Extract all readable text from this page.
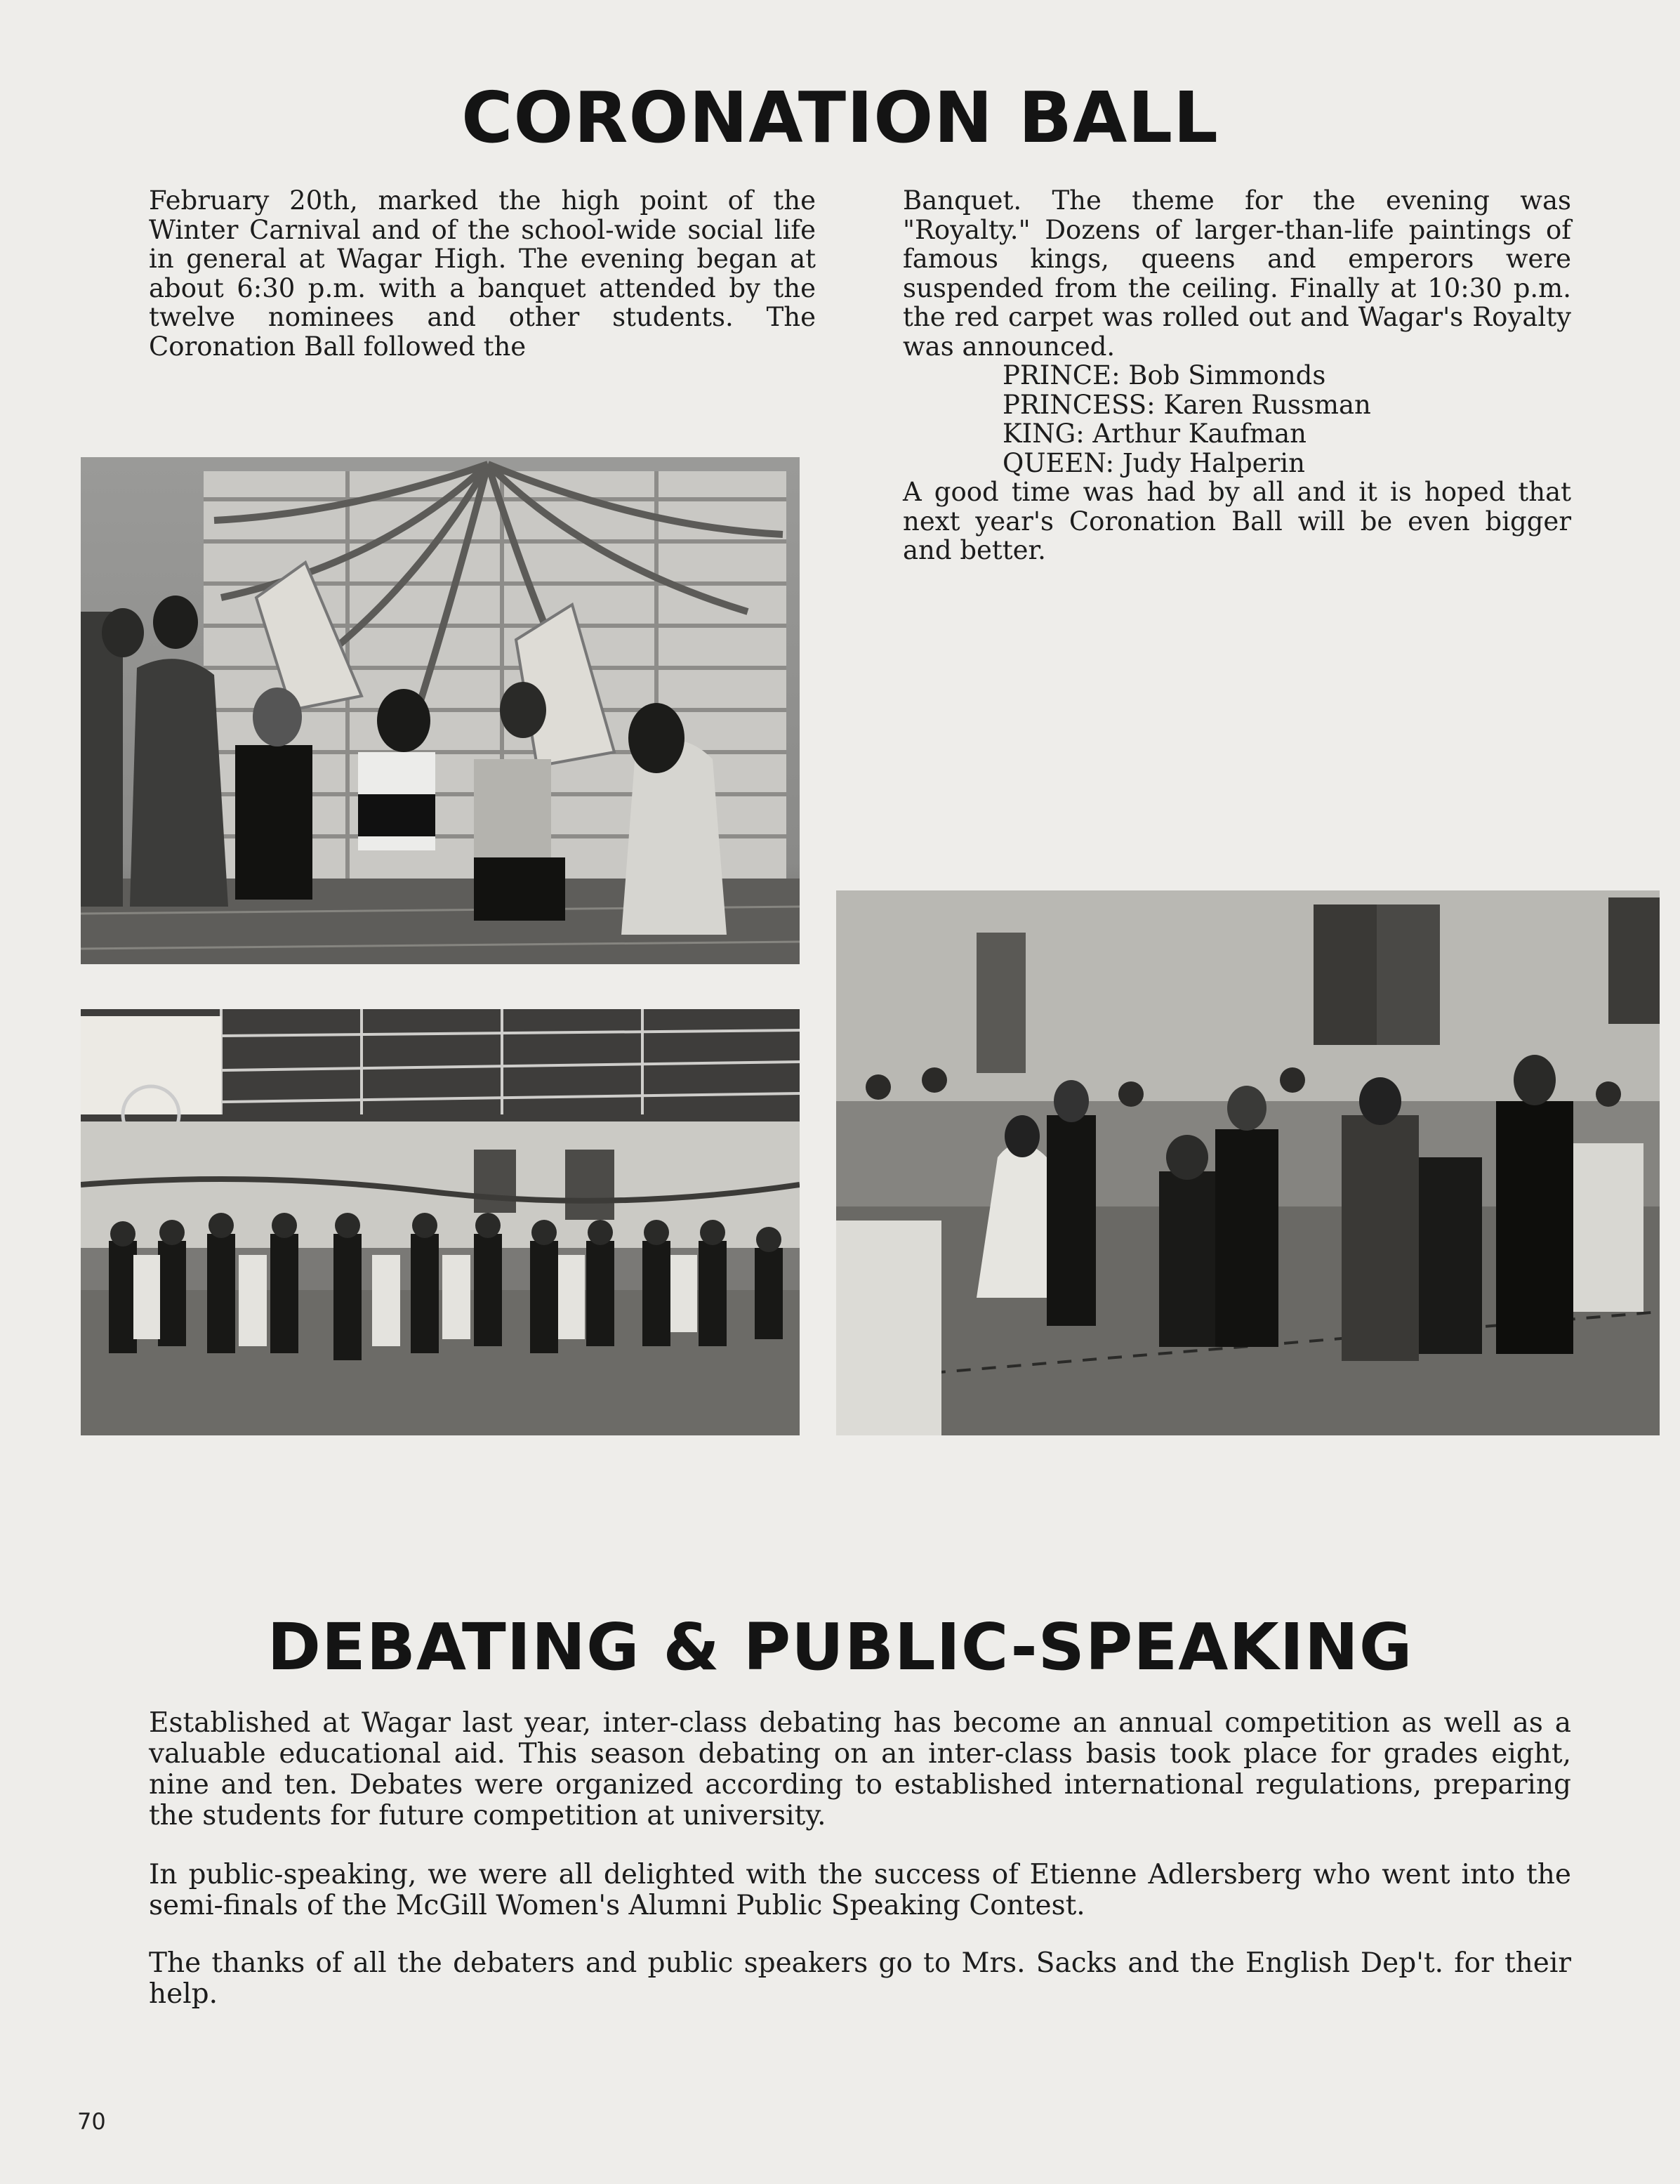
CORONATION BALL

February 20th, marked the high point of the Winter Carnival and of the school-wide social life in general at Wagar High. The evening began at about 6:30 p.m. with a banquet attended by the twelve nominees and other students. The Coronation Ball followed the

Banquet. The theme for the evening was "Royalty." Dozens of larger-than-life paintings of famous kings, queens and emperors were suspended from the ceiling. Finally at 10:30 p.m. the red carpet was rolled out and Wagar's Royalty was announced.

PRINCE: Bob Simmonds
PRINCESS: Karen Russman
KING: Arthur Kaufman
QUEEN: Judy Halperin

A good time was had by all and it is hoped that next year's Coronation Ball will be even bigger and better.

DEBATING & PUBLIC-SPEAKING

Established at Wagar last year, inter-class debating has become an annual competition as well as a valuable educational aid. This season debating on an inter-class basis took place for grades eight, nine and ten. Debates were organized according to established international regulations, preparing the students for future competition at university.

In public-speaking, we were all delighted with the success of Etienne Adlersberg who went into the semi-finals of the McGill Women's Alumni Public Speaking Contest.

The thanks of all the debaters and public speakers go to Mrs. Sacks and the English Dep't. for their help.

70
